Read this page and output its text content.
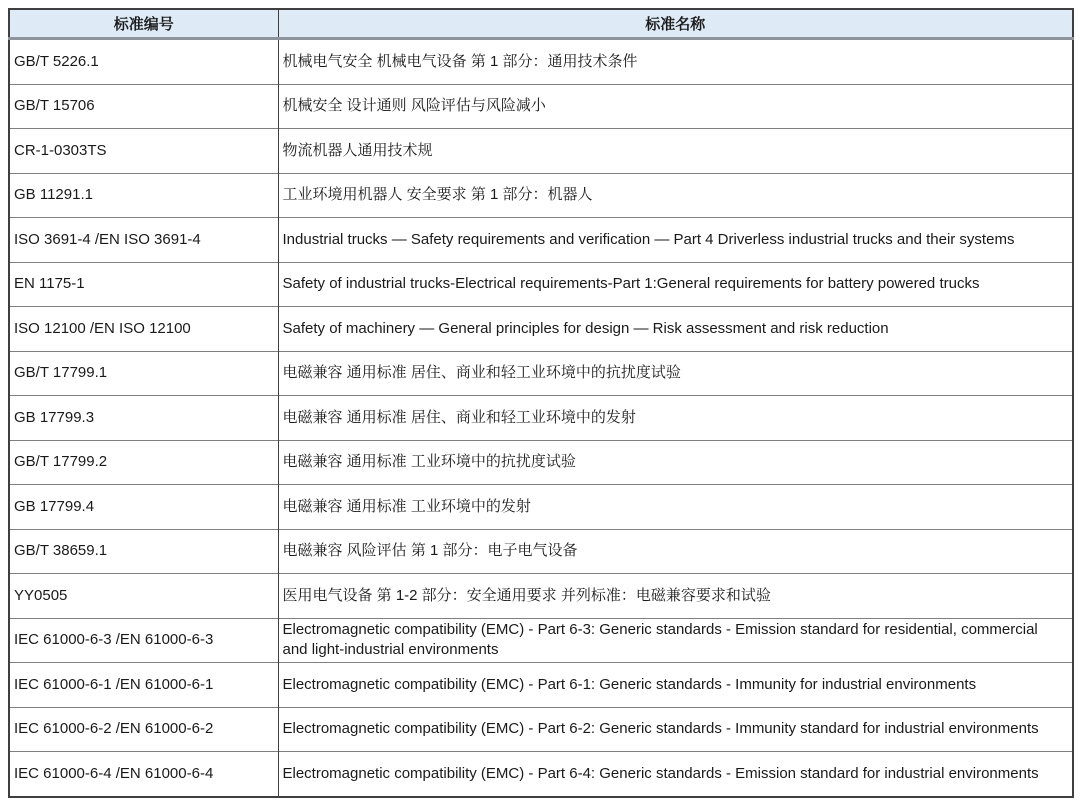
标准编号	标准名称
GB/T 5226.1	机械电气安全 机械电气设备 第 1 部分：通用技术条件
GB/T 15706	机械安全 设计通则 风险评估与风险减小
CR-1-0303TS	物流机器人通用技术规
GB 11291.1	工业环境用机器人 安全要求 第 1 部分：机器人
ISO 3691-4 /EN ISO 3691-4	Industrial trucks — Safety requirements and verification — Part 4 Driverless industrial trucks and their systems
EN 1175-1	Safety of industrial trucks-Electrical requirements-Part 1:General requirements for battery powered trucks
ISO 12100 /EN ISO 12100	Safety of machinery — General principles for design — Risk assessment and risk reduction
GB/T 17799.1	电磁兼容 通用标准 居住、商业和轻工业环境中的抗扰度试验
GB 17799.3	电磁兼容 通用标准 居住、商业和轻工业环境中的发射
GB/T 17799.2	电磁兼容 通用标准 工业环境中的抗扰度试验
GB 17799.4	电磁兼容 通用标准 工业环境中的发射
GB/T 38659.1	电磁兼容 风险评估 第 1 部分：电子电气设备
YY0505	医用电气设备 第 1-2 部分：安全通用要求 并列标准：电磁兼容要求和试验
IEC 61000-6-3 /EN 61000-6-3	Electromagnetic compatibility (EMC) - Part 6-3: Generic standards - Emission standard for residential, commercial and light-industrial environments
IEC 61000-6-1 /EN 61000-6-1	Electromagnetic compatibility (EMC) - Part 6-1: Generic standards - Immunity for industrial environments
IEC 61000-6-2 /EN 61000-6-2	Electromagnetic compatibility (EMC) - Part 6-2: Generic standards - Immunity standard for industrial environments
IEC 61000-6-4 /EN 61000-6-4	Electromagnetic compatibility (EMC) - Part 6-4: Generic standards - Emission standard for industrial environments
